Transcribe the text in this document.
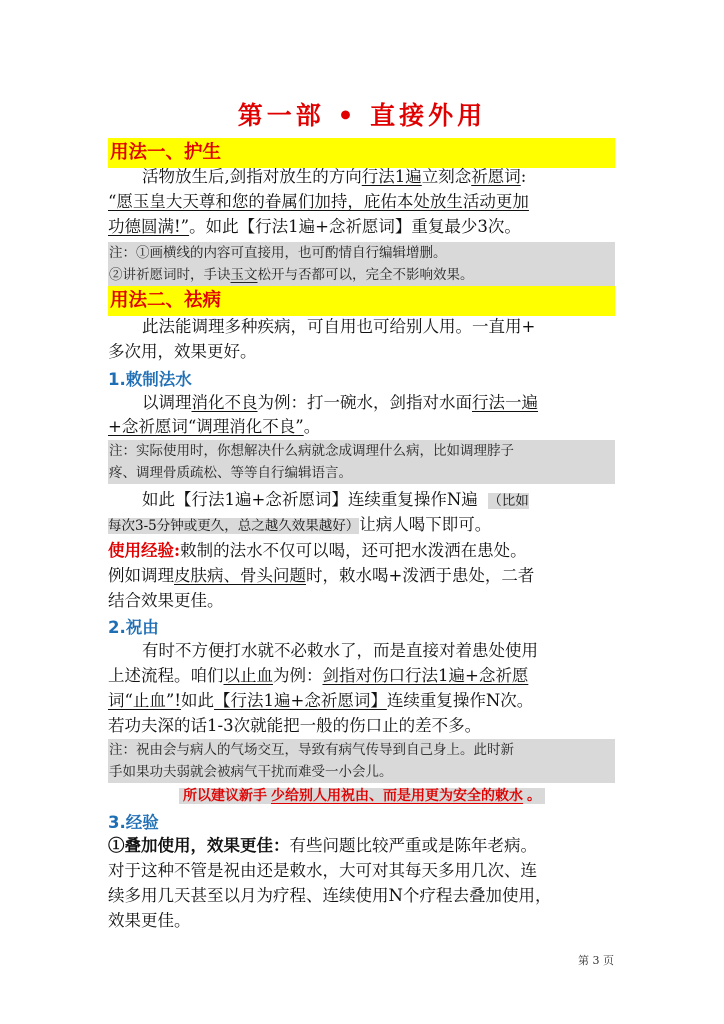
第一部 • 直接外用
用法一、护生
活物放生后,剑指对放生的方向行法1遍立刻念祈愿词:
“愿玉皇大天尊和您的眷属们加持，庇佑本处放生活动更加
功德圆满!”。如此【行法1遍+念祈愿词】重复最少3次。
注：①画横线的内容可直接用，也可酌情自行编辑增删。
②讲祈愿词时，手诀玉文松开与否都可以，完全不影响效果。
用法二、祛病
此法能调理多种疾病，可自用也可给别人用。一直用+
多次用，效果更好。
1.敕制法水
以调理消化不良为例：打一碗水，剑指对水面行法一遍
+念祈愿词“调理消化不良”。
注：实际使用时，你想解决什么病就念成调理什么病，比如调理脖子
疼、调理骨质疏松、等等自行编辑语言。
如此【行法1遍+念祈愿词】连续重复操作N遍 （比如
每次3-5分钟或更久，总之越久效果越好）让病人喝下即可。
使用经验:敕制的法水不仅可以喝，还可把水泼洒在患处。
例如调理皮肤病、骨头问题时，敕水喝+泼洒于患处，二者
结合效果更佳。
2.祝由
有时不方便打水就不必敕水了，而是直接对着患处使用
上述流程。咱们以止血为例：剑指对伤口行法1遍+念祈愿
词“止血”!如此【行法1遍+念祈愿词】连续重复操作N次。
若功夫深的话1-3次就能把一般的伤口止的差不多。
注：祝由会与病人的气场交互，导致有病气传导到自己身上。此时新
手如果功夫弱就会被病气干扰而难受一小会儿。
所以建议新手 少给别人用祝由、而是用更为安全的敕水 。
3.经验
①叠加使用，效果更佳：有些问题比较严重或是陈年老病。
对于这种不管是祝由还是敕水，大可对其每天多用几次、连
续多用几天甚至以月为疗程、连续使用N个疗程去叠加使用，
效果更佳。
第 3 页
